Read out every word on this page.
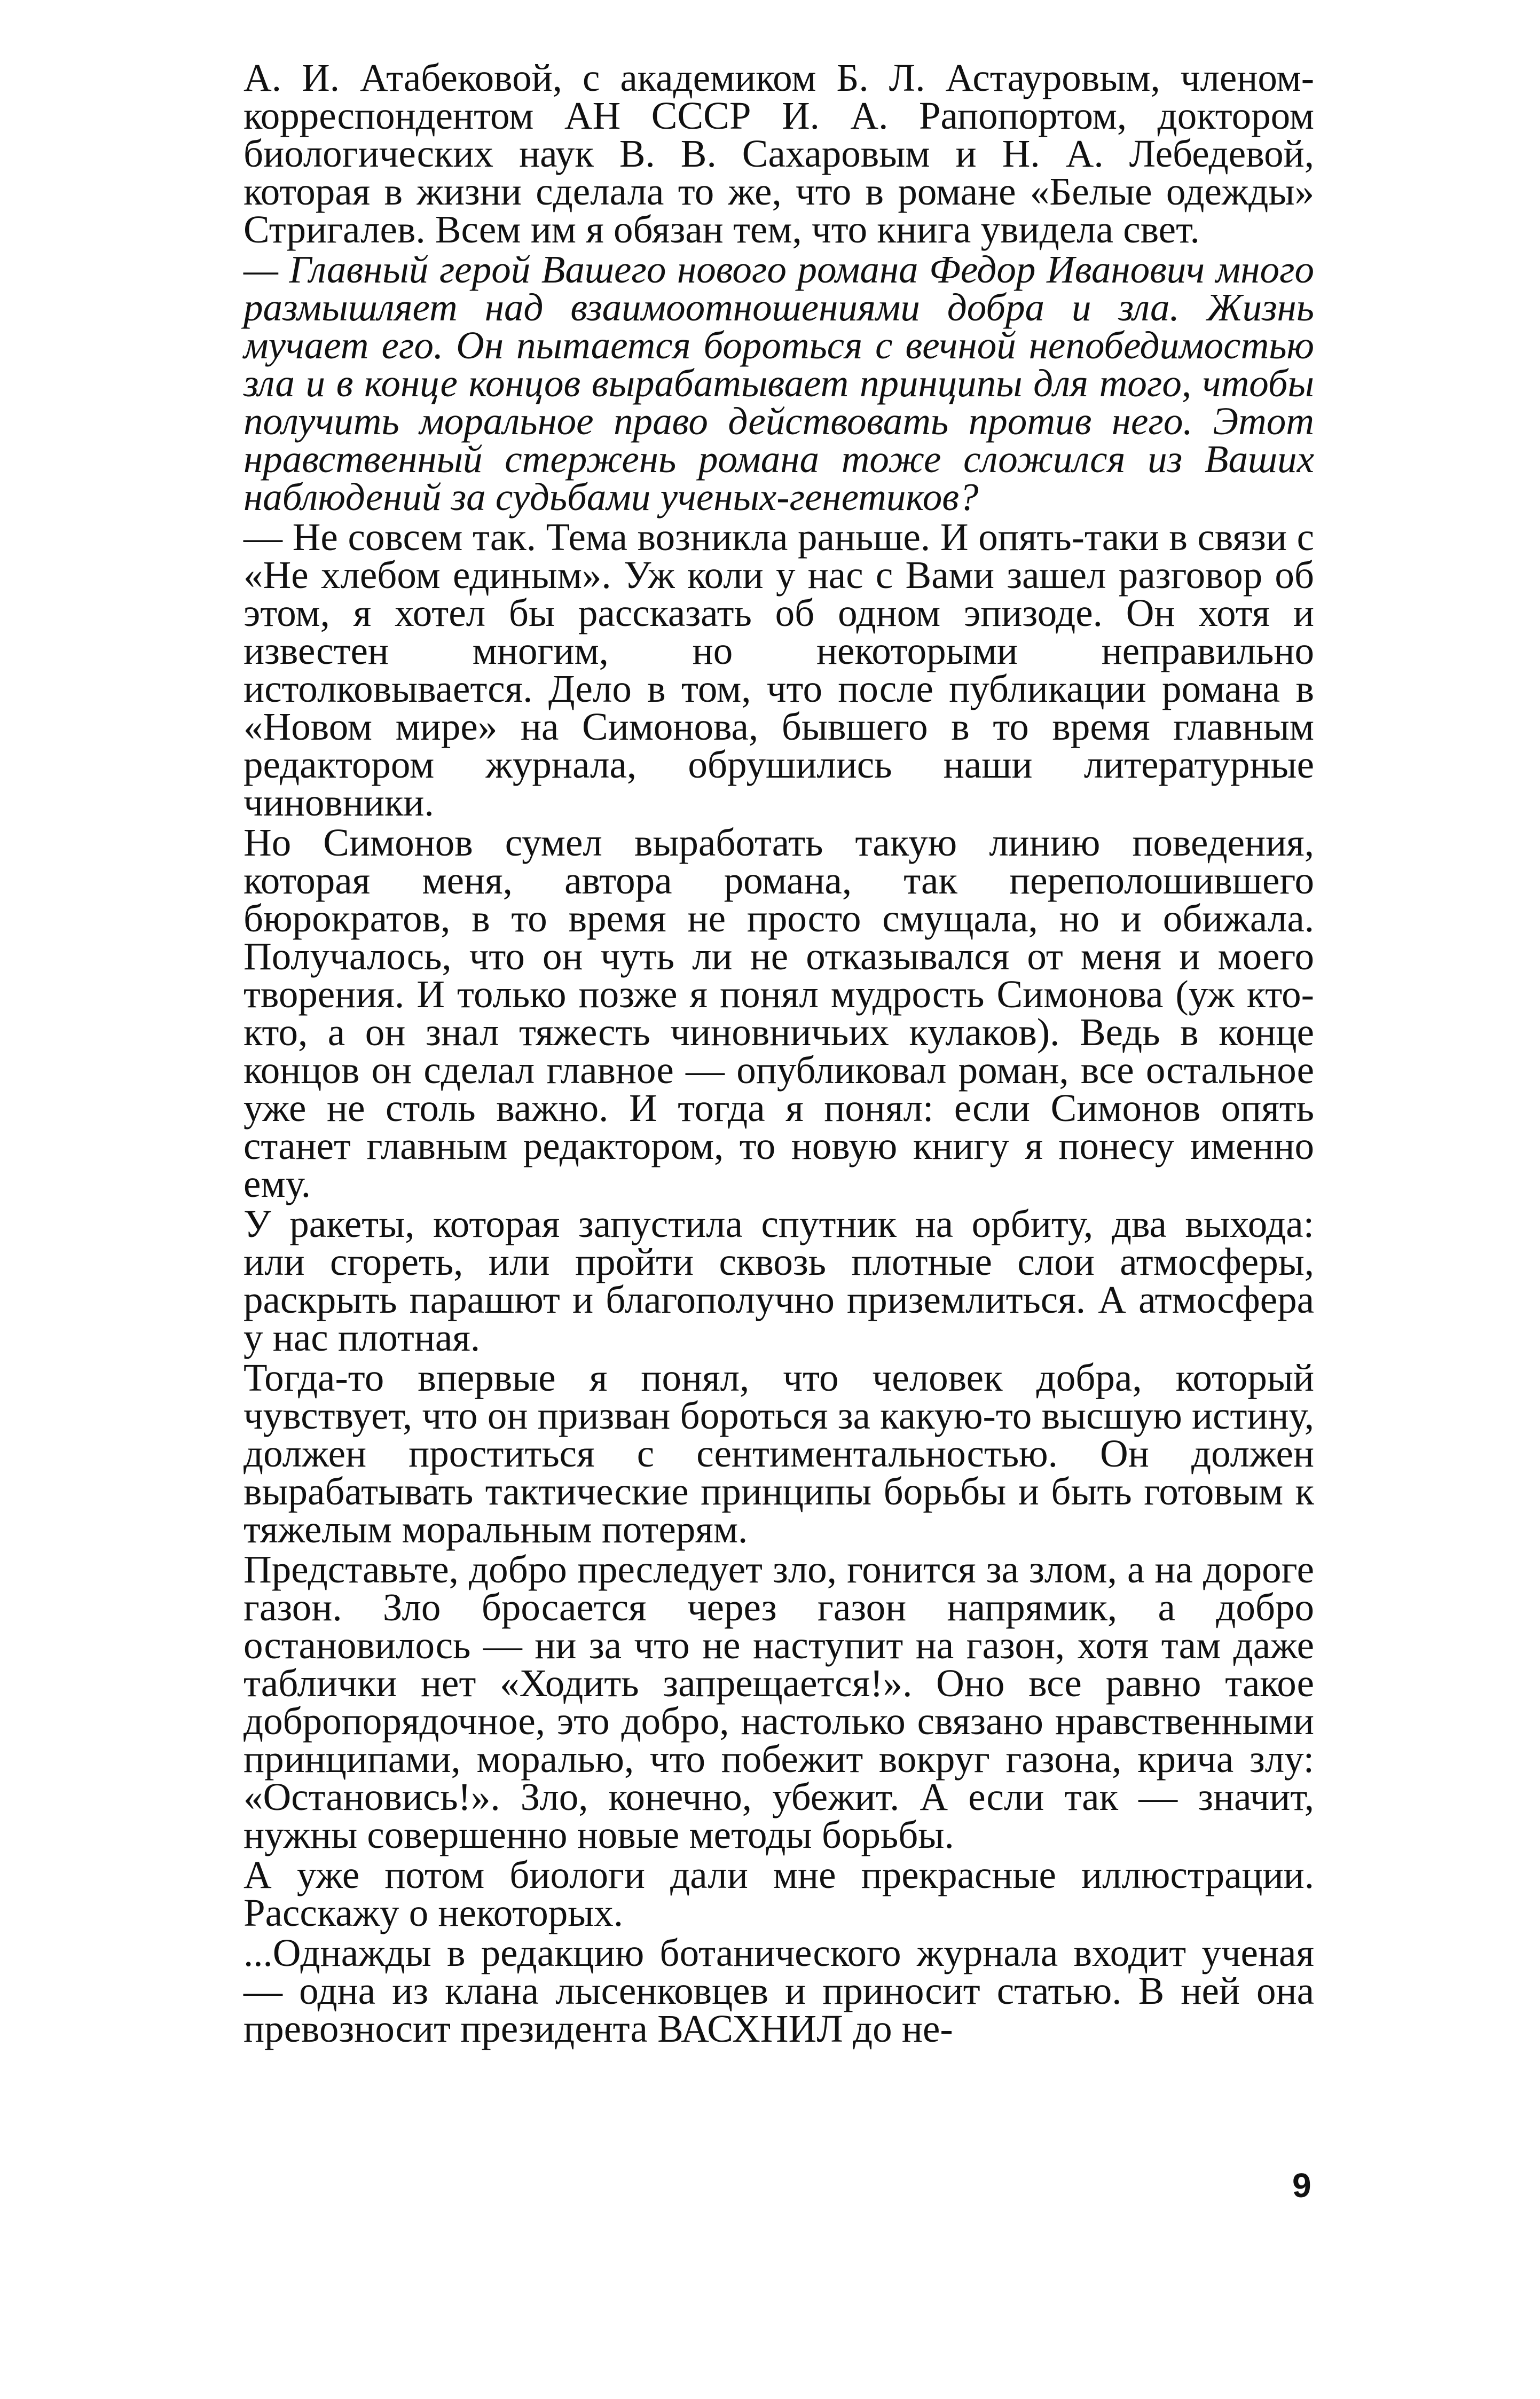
А. И. Атабековой, с академиком Б. Л. Астауровым, членом-корреспондентом АН СССР И. А. Рапопортом, доктором биологических наук В. В. Сахаровым и Н. А. Лебедевой, которая в жизни сделала то же, что в романе «Белые одежды» Стригалев. Всем им я обязан тем, что книга увидела свет.

— Главный герой Вашего нового романа Федор Иванович много размышляет над взаимоотношениями добра и зла. Жизнь мучает его. Он пытается бороться с вечной непобедимостью зла и в конце концов вырабатывает принципы для того, чтобы получить моральное право действовать против него. Этот нравственный стержень романа тоже сложился из Ваших наблюдений за судьбами ученых-генетиков?

— Не совсем так. Тема возникла раньше. И опять-таки в связи с «Не хлебом единым». Уж коли у нас с Вами зашел разговор об этом, я хотел бы рассказать об одном эпизоде. Он хотя и известен многим, но некоторыми неправильно истолковывается. Дело в том, что после публикации романа в «Новом мире» на Симонова, бывшего в то время главным редактором журнала, обрушились наши литературные чиновники.

Но Симонов сумел выработать такую линию поведения, которая меня, автора романа, так переполошившего бюрократов, в то время не просто смущала, но и обижала. Получалось, что он чуть ли не отказывался от меня и моего творения. И только позже я понял мудрость Симонова (уж кто-кто, а он знал тяжесть чиновничьих кулаков). Ведь в конце концов он сделал главное — опубликовал роман, все остальное уже не столь важно. И тогда я понял: если Симонов опять станет главным редактором, то новую книгу я понесу именно ему.

У ракеты, которая запустила спутник на орбиту, два выхода: или сгореть, или пройти сквозь плотные слои атмосферы, раскрыть парашют и благополучно приземлиться. А атмосфера у нас плотная.

Тогда-то впервые я понял, что человек добра, который чувствует, что он призван бороться за какую-то высшую истину, должен проститься с сентиментальностью. Он должен вырабатывать тактические принципы борьбы и быть готовым к тяжелым моральным потерям.

Представьте, добро преследует зло, гонится за злом, а на дороге газон. Зло бросается через газон напрямик, а добро остановилось — ни за что не наступит на газон, хотя там даже таблички нет «Ходить запрещается!». Оно все равно такое добропорядочное, это добро, настолько связано нравственными принципами, моралью, что побежит вокруг газона, крича злу: «Остановись!». Зло, конечно, убежит. А если так — значит, нужны совершенно новые методы борьбы.

А уже потом биологи дали мне прекрасные иллюстрации. Расскажу о некоторых.

...Однажды в редакцию ботанического журнала входит ученая — одна из клана лысенковцев и приносит статью. В ней она превозносит президента ВАСХНИЛ до не-

9
